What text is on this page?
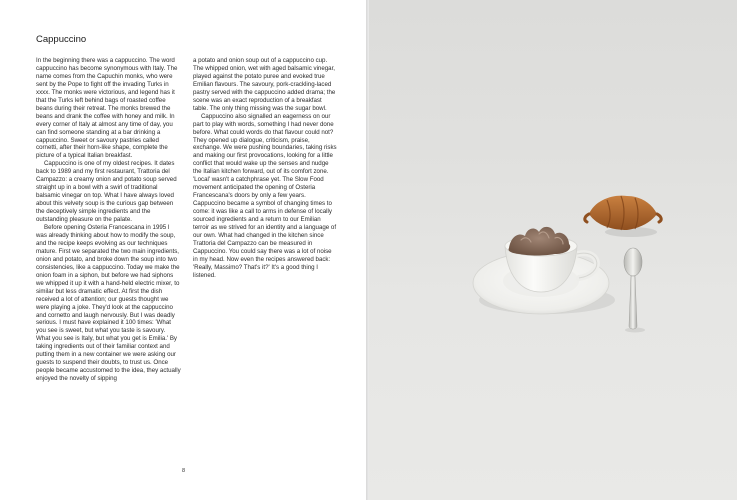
Cappuccino

In the beginning there was a cappuccino. The word cappuccino has become synonymous with Italy. The name comes from the Capuchin monks, who were sent by the Pope to fight off the invading Turks in xxxx. The monks were victorious, and legend has it that the Turks left behind bags of roasted coffee beans during their retreat. The monks brewed the beans and drank the coffee with honey and milk. In every corner of Italy at almost any time of day, you can find someone standing at a bar drinking a cappuccino. Sweet or savoury pastries called cornetti, after their horn-like shape, complete the picture of a typical Italian breakfast.

Cappuccino is one of my oldest recipes. It dates back to 1989 and my first restaurant, Trattoria del Campazzo: a creamy onion and potato soup served straight up in a bowl with a swirl of traditional balsamic vinegar on top. What I have always loved about this velvety soup is the curious gap between the deceptively simple ingredients and the outstanding pleasure on the palate.

Before opening Osteria Francescana in 1995 I was already thinking about how to modify the soup, and the recipe keeps evolving as our techniques mature. First we separated the two main ingredients, onion and potato, and broke down the soup into two consistencies, like a cappuccino. Today we make the onion foam in a siphon, but before we had siphons we whipped it up it with a hand-held electric mixer, to similar but less dramatic effect. At first the dish received a lot of attention; our guests thought we were playing a joke. They'd look at the cappuccino and cornetto and laugh nervously. But I was deadly serious. I must have explained it 100 times: 'What you see is sweet, but what you taste is savoury. What you see is Italy, but what you get is Emilia.' By taking ingredients out of their familiar context and putting them in a new container we were asking our guests to suspend their doubts, to trust us. Once people became accustomed to the idea, they actually enjoyed the novelty of sipping

a potato and onion soup out of a cappuccino cup. The whipped onion, wet with aged balsamic vinegar, played against the potato puree and evoked true Emilian flavours. The savoury, pork-crackling-laced pastry served with the cappuccino added drama; the scene was an exact reproduction of a breakfast table. The only thing missing was the sugar bowl.

Cappuccino also signalled an eagerness on our part to play with words, something I had never done before. What could words do that flavour could not? They opened up dialogue, criticism, praise, exchange. We were pushing boundaries, taking risks and making our first provocations, looking for a little conflict that would wake up the senses and nudge the Italian kitchen forward, out of its comfort zone. 'Local' wasn't a catchphrase yet. The Slow Food movement anticipated the opening of Osteria Francescana's doors by only a few years. Cappuccino became a symbol of changing times to come: it was like a call to arms in defense of locally sourced ingredients and a return to our Emilian terroir as we strived for an identity and a language of our own. What had changed in the kitchen since Trattoria del Campazzo can be measured in Cappuccino. You could say there was a lot of noise in my head. Now even the recipes answered back: 'Really, Massimo? That's it?' It's a good thing I listened.

8
